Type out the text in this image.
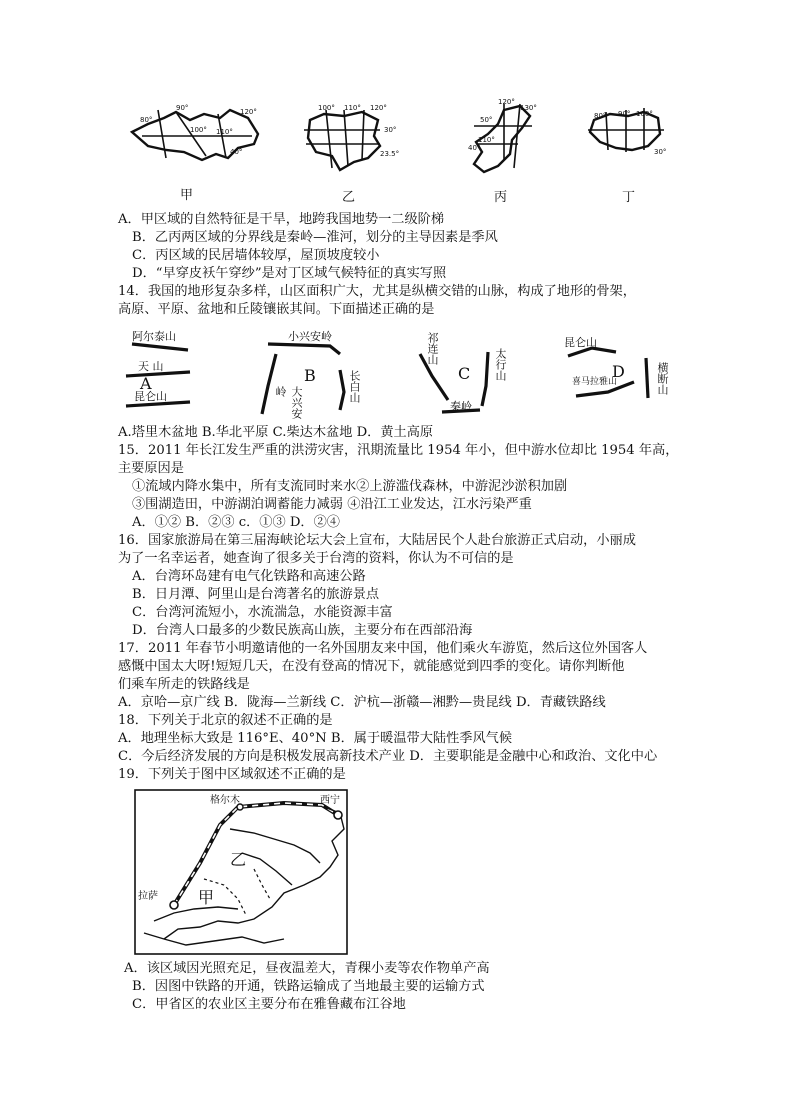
90°	120°
80°
100° 110°
40°
100° 110° 120°
30°
23.5°
120°
130°
50°
110°
40°
80° 90° 100°
30°
甲	乙	丙	丁
A．甲区域的自然特征是干旱，地跨我国地势一二级阶梯
B．乙丙两区域的分界线是秦岭—淮河，划分的主导因素是季风
C．丙区域的民居墙体较厚，屋顶坡度较小
D．“早穿皮袄午穿纱”是对丁区域气候特征的真实写照
14．我国的地形复杂多样，山区面积广大，尤其是纵横交错的山脉，构成了地形的骨架，
高原、平原、盆地和丘陵镶嵌其间。下面描述正确的是
阿尔泰山
天 山
A
昆仑山
小兴安岭
大兴安岭
B	长白山
祁连山
C 太行山
秦岭
昆仑山
喜马拉雅山
D	横断山
A.塔里木盆地 B.华北平原 C.柴达木盆地 D．黄土高原
15．2011 年长江发生严重的洪涝灾害，汛期流量比 1954 年小，但中游水位却比 1954 年高，
主要原因是
①流域内降水集中，所有支流同时来水②上游滥伐森林，中游泥沙淤积加剧
③围湖造田，中游湖泊调蓄能力减弱 ④沿江工业发达，江水污染严重
A．①② B．②③ c．①③ D．②④
16．国家旅游局在第三届海峡论坛大会上宣布，大陆居民个人赴台旅游正式启动，小丽成
为了一名幸运者，她查询了很多关于台湾的资料，你认为不可信的是
A．台湾环岛建有电气化铁路和高速公路
B．日月潭、阿里山是台湾著名的旅游景点
C．台湾河流短小，水流湍急，水能资源丰富
D．台湾人口最多的少数民族高山族，主要分布在西部沿海
17．2011 年春节小明邀请他的一名外国朋友来中国，他们乘火车游览，然后这位外国客人
感慨中国太大呀!短短几天，在没有登高的情况下，就能感觉到四季的变化。请你判断他
们乘车所走的铁路线是
A．京哈—京广线 B．陇海—兰新线 C．沪杭—浙赣—湘黔—贵昆线 D．青藏铁路线
18．下列关于北京的叙述不正确的是
A．地理坐标大致是 116°E、40°N B．属于暖温带大陆性季风气候
C．今后经济发展的方向是积极发展高新技术产业 D．主要职能是金融中心和政治、文化中心
19．下列关于图中区域叙述不正确的是
格尔木	西宁
拉萨
乙
甲
A．该区域因光照充足，昼夜温差大，青稞小麦等农作物单产高
B．因图中铁路的开通，铁路运输成了当地最主要的运输方式
C．甲省区的农业区主要分布在雅鲁藏布江谷地
